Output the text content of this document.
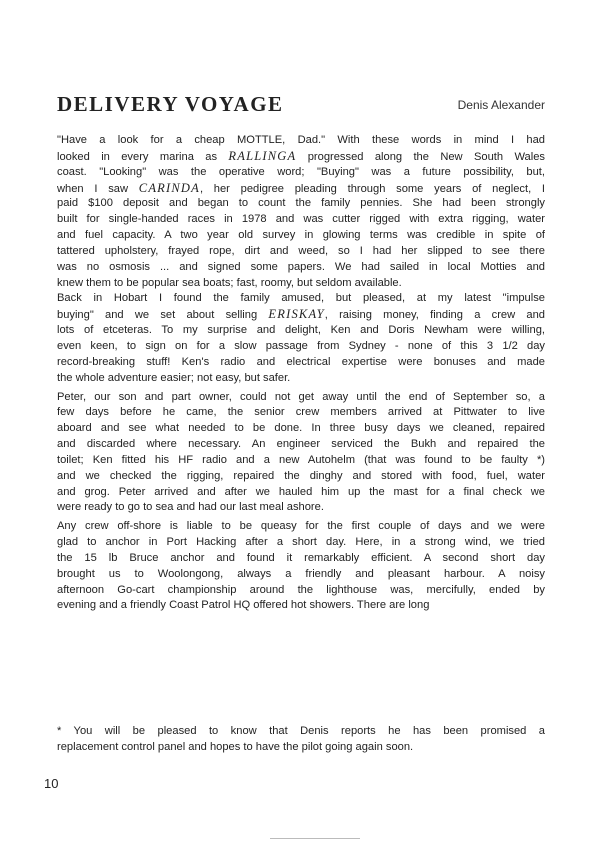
DELIVERY VOYAGE	Denis Alexander
"Have a look for a cheap MOTTLE, Dad." With these words in mind I had
looked in every marina as RALLINGA progressed along the New South Wales
coast. "Looking" was the operative word; "Buying" was a future possibility, but,
when I saw CARINDA, her pedigree pleading through some years of neglect, I
paid $100 deposit and began to count the family pennies. She had been strongly
built for single-handed races in 1978 and was cutter rigged with extra rigging, water
and fuel capacity. A two year old survey in glowing terms was credible in spite of
tattered upholstery, frayed rope, dirt and weed, so I had her slipped to see there
was no osmosis ... and signed some papers. We had sailed in local Motties and
knew them to be popular sea boats; fast, roomy, but seldom available.
Back in Hobart I found the family amused, but pleased, at my latest "impulse
buying" and we set about selling ERISKAY, raising money, finding a crew and
lots of etceteras. To my surprise and delight, Ken and Doris Newham were willing,
even keen, to sign on for a slow passage from Sydney - none of this 3 1/2 day
record-breaking stuff! Ken's radio and electrical expertise were bonuses and made
the whole adventure easier; not easy, but safer.
Peter, our son and part owner, could not get away until the end of September so, a
few days before he came, the senior crew members arrived at Pittwater to live
aboard and see what needed to be done. In three busy days we cleaned, repaired
and discarded where necessary. An engineer serviced the Bukh and repaired the
toilet; Ken fitted his HF radio and a new Autohelm (that was found to be faulty *)
and we checked the rigging, repaired the dinghy and stored with food, fuel, water
and grog. Peter arrived and after we hauled him up the mast for a final check we
were ready to go to sea and had our last meal ashore.
Any crew off-shore is liable to be queasy for the first couple of days and we were
glad to anchor in Port Hacking after a short day. Here, in a strong wind, we tried
the 15 lb Bruce anchor and found it remarkably efficient. A second short day
brought us to Woolongong, always a friendly and pleasant harbour. A noisy
afternoon Go-cart championship around the lighthouse was, mercifully, ended by
evening and a friendly Coast Patrol HQ offered hot showers. There are long
* You will be pleased to know that Denis reports he has been promised a
replacement control panel and hopes to have the pilot going again soon.
10
